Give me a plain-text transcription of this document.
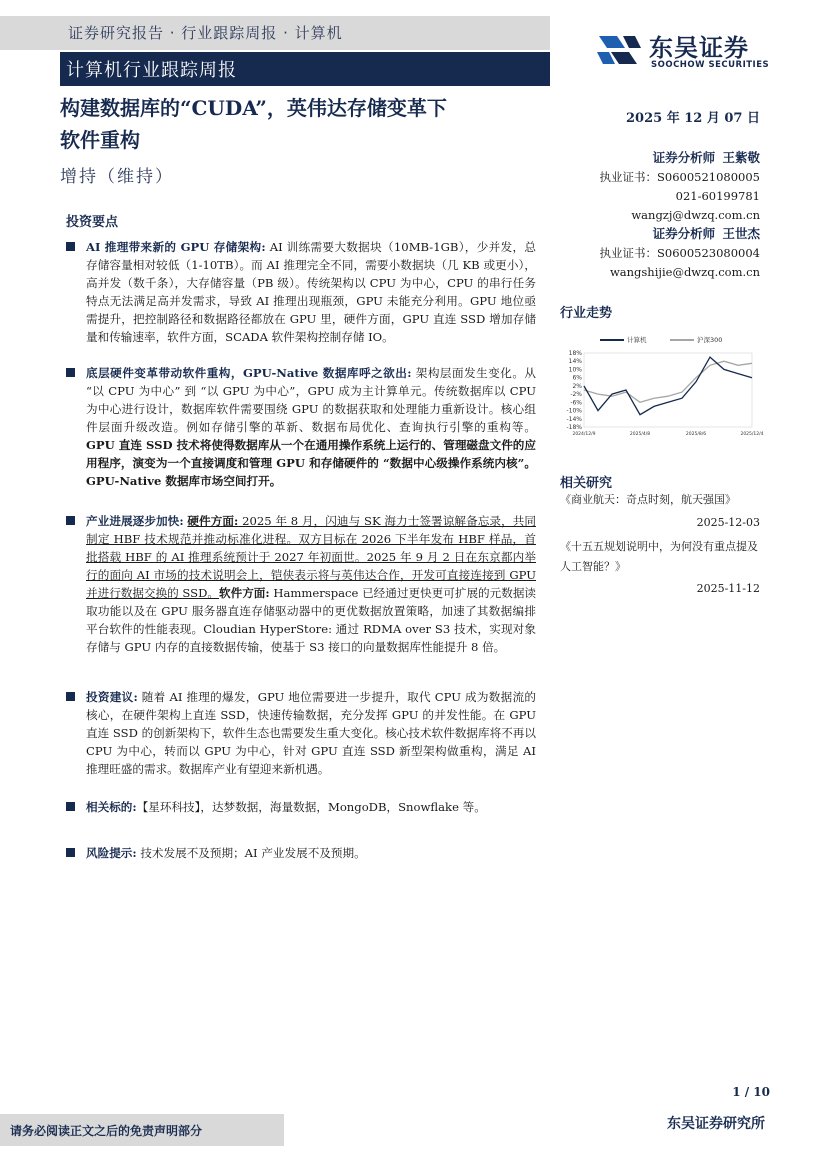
证券研究报告 · 行业跟踪周报 · 计算机
计算机行业跟踪周报
东吴证券
SOOCHOW SECURITIES
构建数据库的“CUDA”，英伟达存储变革下
软件重构
增持（维持）
2025 年 12 月 07 日
证券分析师 王紫敬
执业证书：S0600521080005
021-60199781
wangzj@dwzq.com.cn
证券分析师 王世杰
执业证书：S0600523080004
wangshijie@dwzq.com.cn
投资要点
AI 推理带来新的 GPU 存储架构: AI 训练需要大数据块（10MB-1GB），少并发，总存储容量相对较低（1-10TB）。而 AI 推理完全不同，需要小数据块（几 KB 或更小），高并发（数千条），大存储容量（PB 级）。传统架构以 CPU 为中心，CPU 的串行任务特点无法满足高并发需求，导致 AI 推理出现瓶颈，GPU 未能充分利用。GPU 地位亟需提升，把控制路径和数据路径都放在 GPU 里，硬件方面，GPU 直连 SSD 增加存储量和传输速率，软件方面，SCADA 软件架构控制存储 IO。
底层硬件变革带动软件重构，GPU-Native 数据库呼之欲出: 架构层面发生变化。从 “以 CPU 为中心” 到 “以 GPU 为中心”，GPU 成为主计算单元。传统数据库以 CPU 为中心进行设计，数据库软件需要围绕 GPU 的数据获取和处理能力重新设计。核心组件层面升级改造。例如存储引擎的革新、数据布局优化、查询执行引擎的重构等。 GPU 直连 SSD 技术将使得数据库从一个在通用操作系统上运行的、管理磁盘文件的应用程序，演变为一个直接调度和管理 GPU 和存储硬件的 “数据中心级操作系统内核”。GPU-Native 数据库市场空间打开。
产业进展逐步加快: 硬件方面: 2025 年 8 月，闪迪与 SK 海力士签署谅解备忘录，共同制定 HBF 技术规范并推动标准化进程。双方目标在 2026 下半年发布 HBF 样品，首批搭载 HBF 的 AI 推理系统预计于 2027 年初面世。2025 年 9 月 2 日在东京都内举行的面向 AI 市场的技术说明会上，铠侠表示将与英伟达合作，开发可直接连接到 GPU 并进行数据交换的 SSD。软件方面: Hammerspace 已经通过更快更可扩展的元数据读取功能以及在 GPU 服务器直连存储驱动器中的更优数据放置策略，加速了其数据编排平台软件的性能表现。Cloudian HyperStore: 通过 RDMA over S3 技术，实现对象存储与 GPU 内存的直接数据传输，使基于 S3 接口的向量数据库性能提升 8 倍。
投资建议: 随着 AI 推理的爆发，GPU 地位需要进一步提升，取代 CPU 成为数据流的核心，在硬件架构上直连 SSD，快速传输数据，充分发挥 GPU 的并发性能。在 GPU 直连 SSD 的创新架构下，软件生态也需要发生重大变化。核心技术软件数据库将不再以 CPU 为中心，转而以 GPU 为中心，针对 GPU 直连 SSD 新型架构做重构，满足 AI 推理旺盛的需求。数据库产业有望迎来新机遇。
相关标的:【星环科技】，达梦数据，海量数据，MongoDB，Snowflake 等。
风险提示: 技术发展不及预期；AI 产业发展不及预期。
行业走势
18%
14%
10%
6%
2%
-2%
-6%
-10%
-14%
-18%
2024/12/9	2025/4/8	2025/8/6	2025/12/4
计算机	沪深300
相关研究
《商业航天：奇点时刻，航天强国》
2025-12-03
《十五五规划说明中，为何没有重点提及人工智能？》
2025-11-12
1 / 10
请务必阅读正文之后的免责声明部分	东吴证券研究所
